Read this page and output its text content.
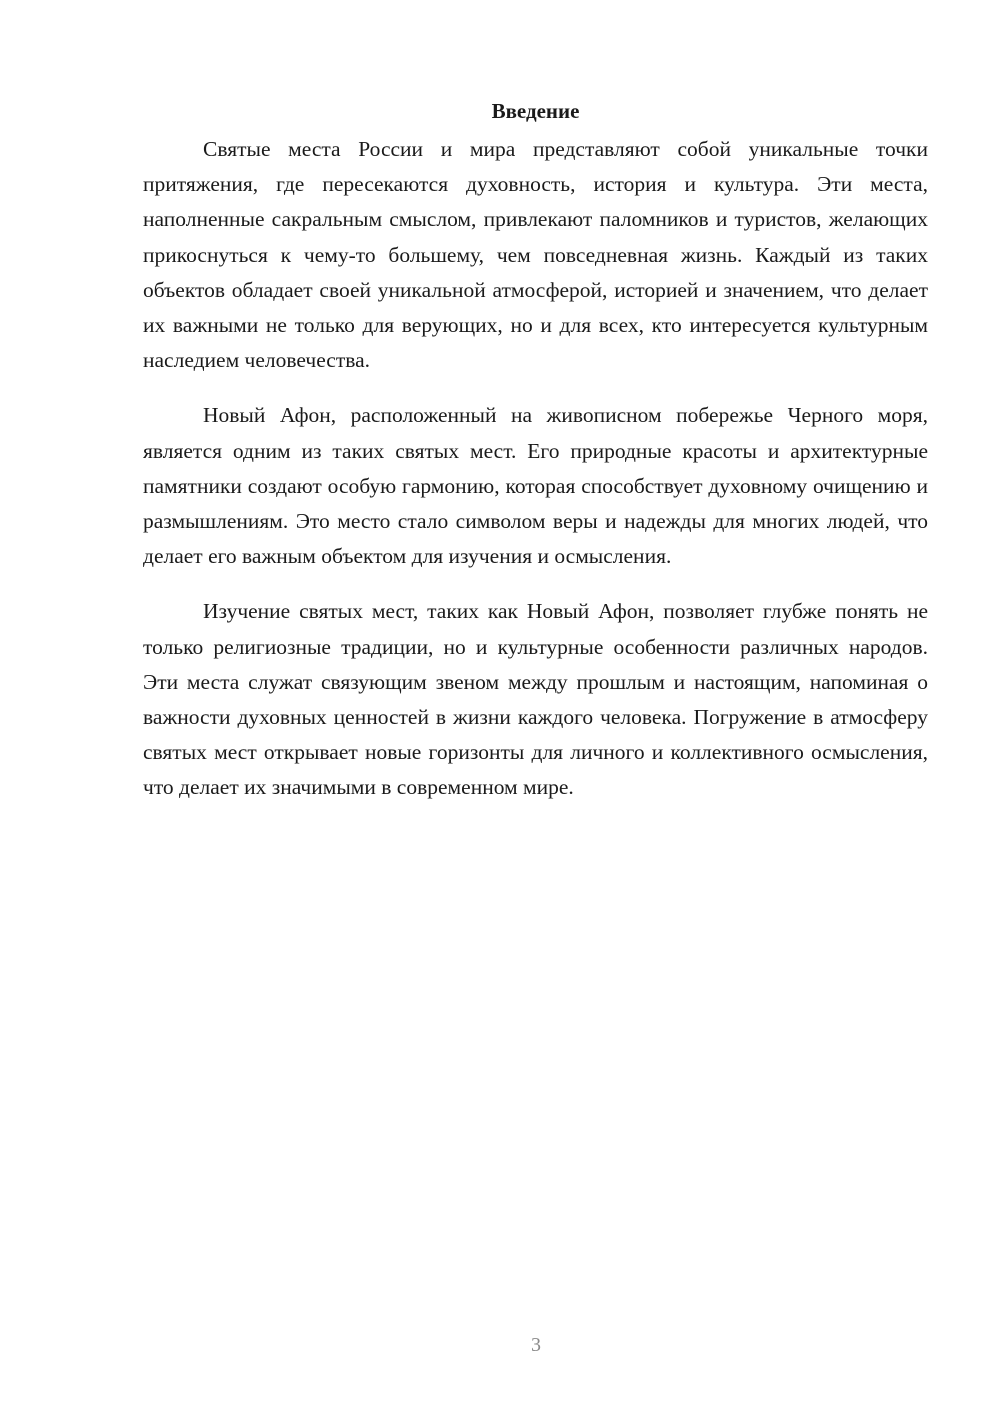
Введение

Святые места России и мира представляют собой уникальные точки притяжения, где пересекаются духовность, история и культура. Эти места, наполненные сакральным смыслом, привлекают паломников и туристов, желающих прикоснуться к чему-то большему, чем повседневная жизнь. Каждый из таких объектов обладает своей уникальной атмосферой, историей и значением, что делает их важными не только для верующих, но и для всех, кто интересуется культурным наследием человечества.

Новый Афон, расположенный на живописном побережье Черного моря, является одним из таких святых мест. Его природные красоты и архитектурные памятники создают особую гармонию, которая способствует духовному очищению и размышлениям. Это место стало символом веры и надежды для многих людей, что делает его важным объектом для изучения и осмысления.

Изучение святых мест, таких как Новый Афон, позволяет глубже понять не только религиозные традиции, но и культурные особенности различных народов. Эти места служат связующим звеном между прошлым и настоящим, напоминая о важности духовных ценностей в жизни каждого человека. Погружение в атмосферу святых мест открывает новые горизонты для личного и коллективного осмысления, что делает их значимыми в современном мире.

3
